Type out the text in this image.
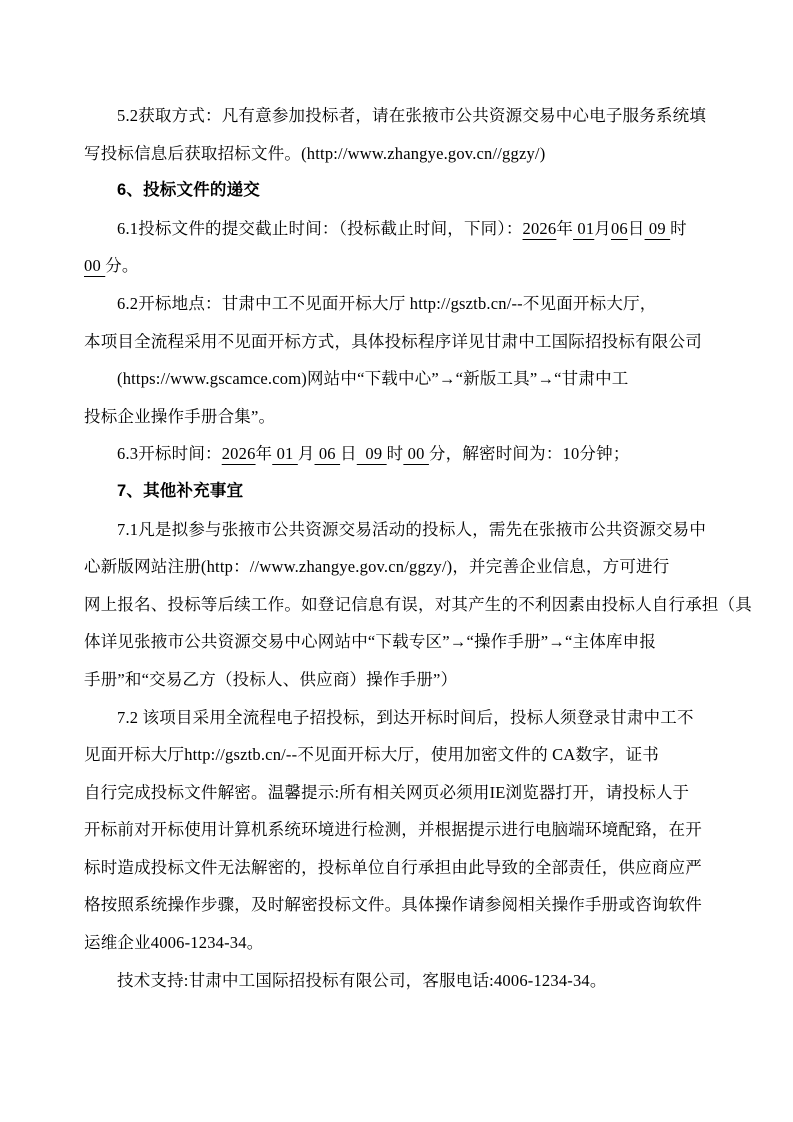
5.2获取方式：凡有意参加投标者，请在张掖市公共资源交易中心电子服务系统填
写投标信息后获取招标文件。(http://www.zhangye.gov.cn//ggzy/)
6、投标文件的递交
6.1投标文件的提交截止时间：（投标截止时间，下同）：2026年 01月06日 09 时
00 分。
6.2开标地点：甘肃中工不见面开标大厅 http://gsztb.cn/--不见面开标大厅，
本项目全流程采用不见面开标方式，具体投标程序详见甘肃中工国际招投标有限公司
(https://www.gscamce.com)网站中“下载中心”→“新版工具”→“甘肃中工
投标企业操作手册合集”。
6.3开标时间：2026年 01 月 06 日  09 时 00 分，解密时间为：10分钟；
7、其他补充事宜
7.1凡是拟参与张掖市公共资源交易活动的投标人，需先在张掖市公共资源交易中
心新版网站注册(http：//www.zhangye.gov.cn/ggzy/)，并完善企业信息，方可进行
网上报名、投标等后续工作。如登记信息有误，对其产生的不利因素由投标人自行承担（具
体详见张掖市公共资源交易中心网站中“下载专区”→“操作手册”→“主体库申报
手册”和“交易乙方（投标人、供应商）操作手册”）
7.2 该项目采用全流程电子招投标，到达开标时间后，投标人须登录甘肃中工不
见面开标大厅http://gsztb.cn/--不见面开标大厅，使用加密文件的 CA数字，证书
自行完成投标文件解密。温馨提示:所有相关网页必须用IE浏览器打开，请投标人于
开标前对开标使用计算机系统环境进行检测，并根据提示进行电脑端环境配臵，在开
标时造成投标文件无法解密的，投标单位自行承担由此导致的全部责任，供应商应严
格按照系统操作步骤，及时解密投标文件。具体操作请参阅相关操作手册或咨询软件
运维企业4006-1234-34。
技术支持:甘肃中工国际招投标有限公司，客服电话:4006-1234-34。
